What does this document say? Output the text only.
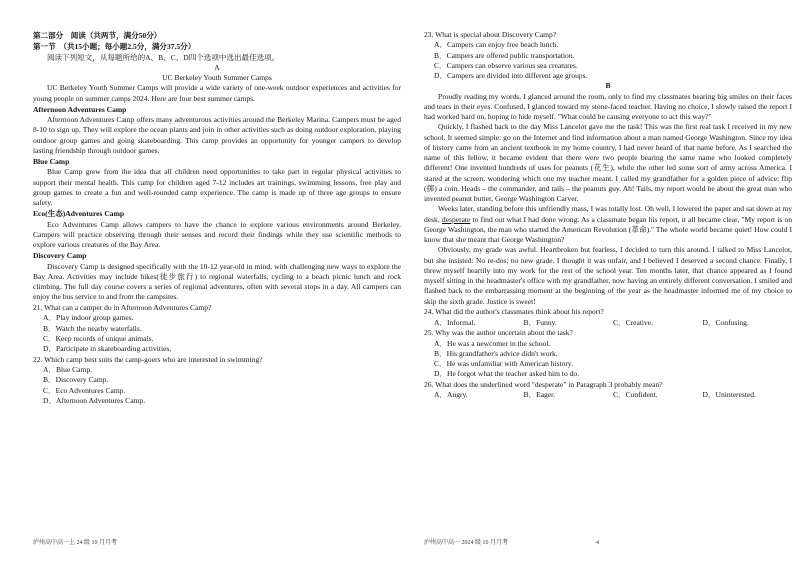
第二部分　阅读（共两节，满分50分）

第一节　（共15小题；每小题2.5分，满分37.5分）

阅读下列短文，从每题所给的A、B、C、D四个选项中选出最佳选项。

A

UC Berkeley Youth Summer Camps

UC Berkeley Youth Summer Camps will provide a wide variety of one-week outdoor experiences and activities for young people on summer camps 2024. Here are four best summer camps.

Afternoon Adventures Camp

Afternoon Adventures Camp offers many adventurous activities around the Berkeley Marina. Campers must be aged 8-10 to sign up. They will explore the ocean plants and join in other activities such as doing outdoor exploration, playing outdoor group games and going skateboarding. This camp provides an opportunity for younger campers to develop lasting friendship through outdoor games.

Blue Camp

Blue Camp grew from the idea that all children need opportunities to take part in regular physical activities to support their mental health. This camp for children aged 7-12 includes art trainings, swimming lessons, free play and group games to create a fun and well-rounded camp experience. The camp is made up of three age groups to ensure safety.

Eco(生态)Adventures Camp

Eco Adventures Camp allows campers to have the chance to explore various environments around Berkeley. Campers will practice observing through their senses and record their findings while they use scientific methods to explore various creatures of the Bay Area.

Discovery Camp

Discovery Camp is designed specifically with the 10-12 year-old in mind, with challenging new ways to explore the Bay Area. Activities may include hikes(徒步旅行) to regional waterfalls, cycling to a beach picnic lunch and rock climbing. The full day course covers a series of regional adventures, often with several stops in a day. All campers can enjoy the bus service to and from the campsites.

21. What can a camper do in Afternoon Adventures Camp?

A．Play indoor group games.

B．Watch the nearby waterfalls.

C．Keep records of unique animals.

D．Participate in skateboarding activities.

22. Which camp best suits the camp-goers who are interested in swimming?

A．Blue Camp.

B．Discovery Camp.

C．Eco Adventures Camp.

D．Afternoon Adventures Camp.

泸州高中高一上 24 级 10 月月考

23. What is special about Discovery Camp?

A．Campers can enjoy free beach lunch.

B．Campers are offered public transportation.

C．Campers can observe various sea creatures.

D．Campers are divided into different age groups.

B

Proudly reading my words, I glanced around the room, only to find my classmates bearing big smiles on their faces and tears in their eyes. Confused, I glanced toward my stone-faced teacher. Having no choice, I slowly raised the report I had worked hard on, hoping to hide myself. "What could be causing everyone to act this way?"

Quickly, I flashed back to the day Miss Lancelot gave me the task! This was the first real task I received in my new school. It seemed simple: go on the Internet and find information about a man named George Washington. Since my idea of history came from an ancient textbook in my home country, I had never heard of that name before. As I searched the name of this fellow, it became evident that there were two people bearing the same name who looked completely different! One invented hundreds of uses for peanuts (花生), while the other led some sort of army across America. I stared at the screen, wondering which one my teacher meant. I called my grandfather for a golden piece of advice: flip (掷) a coin. Heads – the commander, and tails – the peanuts guy. Ah! Tails, my report would be about the great man who invented peanut butter, George Washington Carver.

Weeks later, standing before this unfriendly mass, I was totally lost. Oh well, I lowered the paper and sat down at my desk, desperate to find out what I had done wrong. As a classmate began his report, it all became clear, "My report is on George Washington, the man who started the American Revolution (革命)." The whole world became quiet! How could I know that she meant that George Washington?

Obviously, my grade was awful. Heartbroken but fearless, I decided to turn this around. I talked to Miss Lancelot, but she insisted: No re-dos; no new grade. I thought it was unfair, and I believed I deserved a second chance. Finally, I threw myself heartily into my work for the rest of the school year. Ten months later, that chance appeared as I found myself sitting in the headmaster's office with my grandfather, now having an entirely different conversation. I smiled and flashed back to the embarrassing moment at the beginning of the year as the headmaster informed me of my choice to skip the sixth grade. Justice is sweet!

24. What did the author's classmates think about his report?

A．Informal.	B．Funny.	C．Creative.	D．Confusing.

25. Why was the author uncertain about the task?

A．He was a newcomer in the school.

B．His grandfather's advice didn't work.

C．He was unfamiliar with American history.

D．He forgot what the teacher asked him to do.

26. What does the underlined word "desperate" in Paragraph 3 probably mean?

A．Angry.	B．Eager.	C．Confident.	D．Uninterested.
泸州高中高一 2024 级 10 月月考	4
